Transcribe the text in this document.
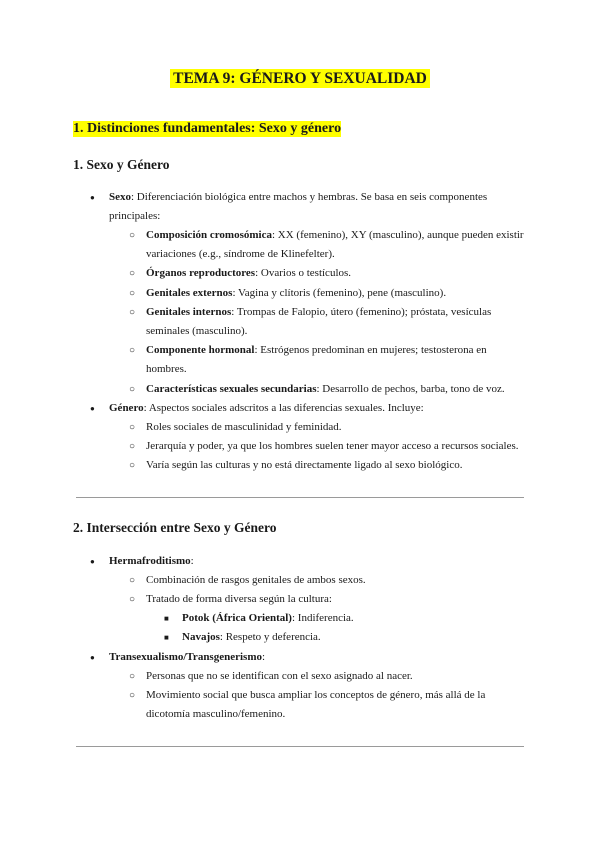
TEMA 9: GÉNERO Y SEXUALIDAD
1. Distinciones fundamentales: Sexo y género
1. Sexo y Género
● Sexo: Diferenciación biológica entre machos y hembras. Se basa en seis componentes principales:
○ Composición cromosómica: XX (femenino), XY (masculino), aunque pueden existir variaciones (e.g., síndrome de Klinefelter).
○ Órganos reproductores: Ovarios o testículos.
○ Genitales externos: Vagina y clítoris (femenino), pene (masculino).
○ Genitales internos: Trompas de Falopio, útero (femenino); próstata, vesículas seminales (masculino).
○ Componente hormonal: Estrógenos predominan en mujeres; testosterona en hombres.
○ Características sexuales secundarias: Desarrollo de pechos, barba, tono de voz.
● Género: Aspectos sociales adscritos a las diferencias sexuales. Incluye:
○ Roles sociales de masculinidad y feminidad.
○ Jerarquía y poder, ya que los hombres suelen tener mayor acceso a recursos sociales.
○ Varía según las culturas y no está directamente ligado al sexo biológico.
2. Intersección entre Sexo y Género
● Hermafroditismo:
○ Combinación de rasgos genitales de ambos sexos.
○ Tratado de forma diversa según la cultura:
■ Potok (África Oriental): Indiferencia.
■ Navajos: Respeto y deferencia.
● Transexualismo/Transgenerismo:
○ Personas que no se identifican con el sexo asignado al nacer.
○ Movimiento social que busca ampliar los conceptos de género, más allá de la dicotomía masculino/femenino.
